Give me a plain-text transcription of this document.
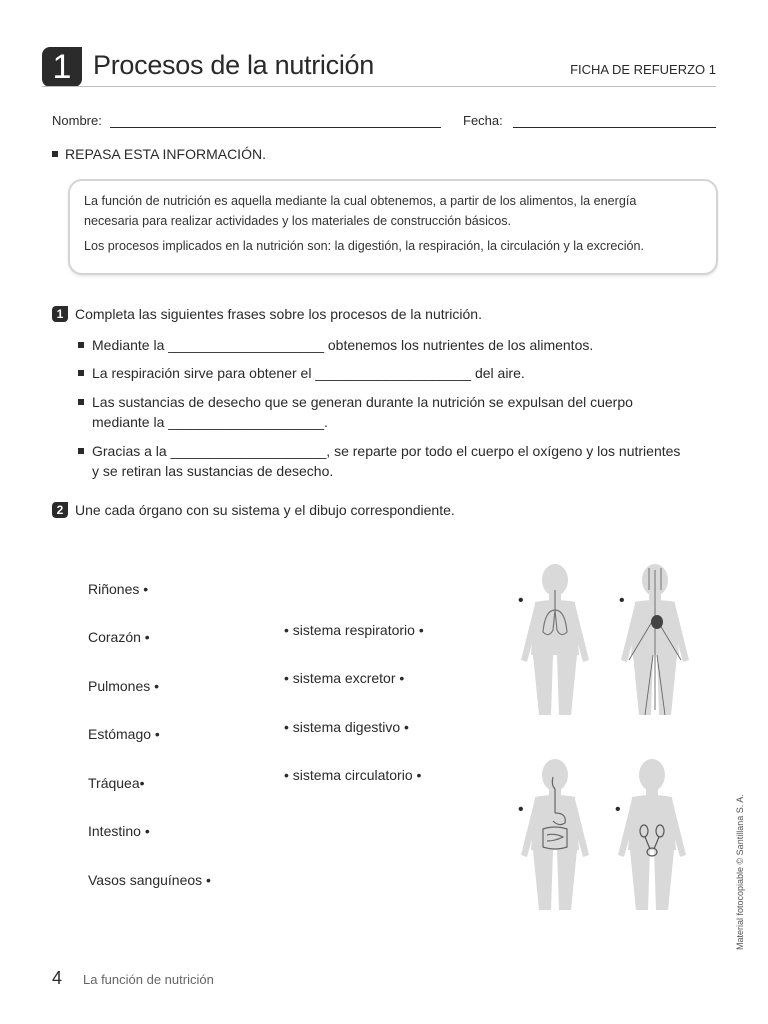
1 Procesos de la nutrición	FICHA DE REFUERZO 1
Nombre:	Fecha:
REPASA ESTA INFORMACIÓN.
La función de nutrición es aquella mediante la cual obtenemos, a partir de los alimentos, la energía
necesaria para realizar actividades y los materiales de construcción básicos.
Los procesos implicados en la nutrición son: la digestión, la respiración, la circulación y la excreción.
1 Completa las siguientes frases sobre los procesos de la nutrición.
Mediante la ____________________ obtenemos los nutrientes de los alimentos.
La respiración sirve para obtener el ____________________ del aire.
Las sustancias de desecho que se generan durante la nutrición se expulsan del cuerpo
mediante la ____________________.
Gracias a la ____________________, se reparte por todo el cuerpo el oxígeno y los nutrientes
y se retiran las sustancias de desecho.
2 Une cada órgano con su sistema y el dibujo correspondiente.
Riñones •
Corazón •
Pulmones •
Estómago •
Tráquea•
Intestino •
Vasos sanguíneos •
• sistema respiratorio •
• sistema excretor •
• sistema digestivo •
• sistema circulatorio •
•	•
•	•	Material fotocopiable © Santillana S. A.
4 La función de nutrición
